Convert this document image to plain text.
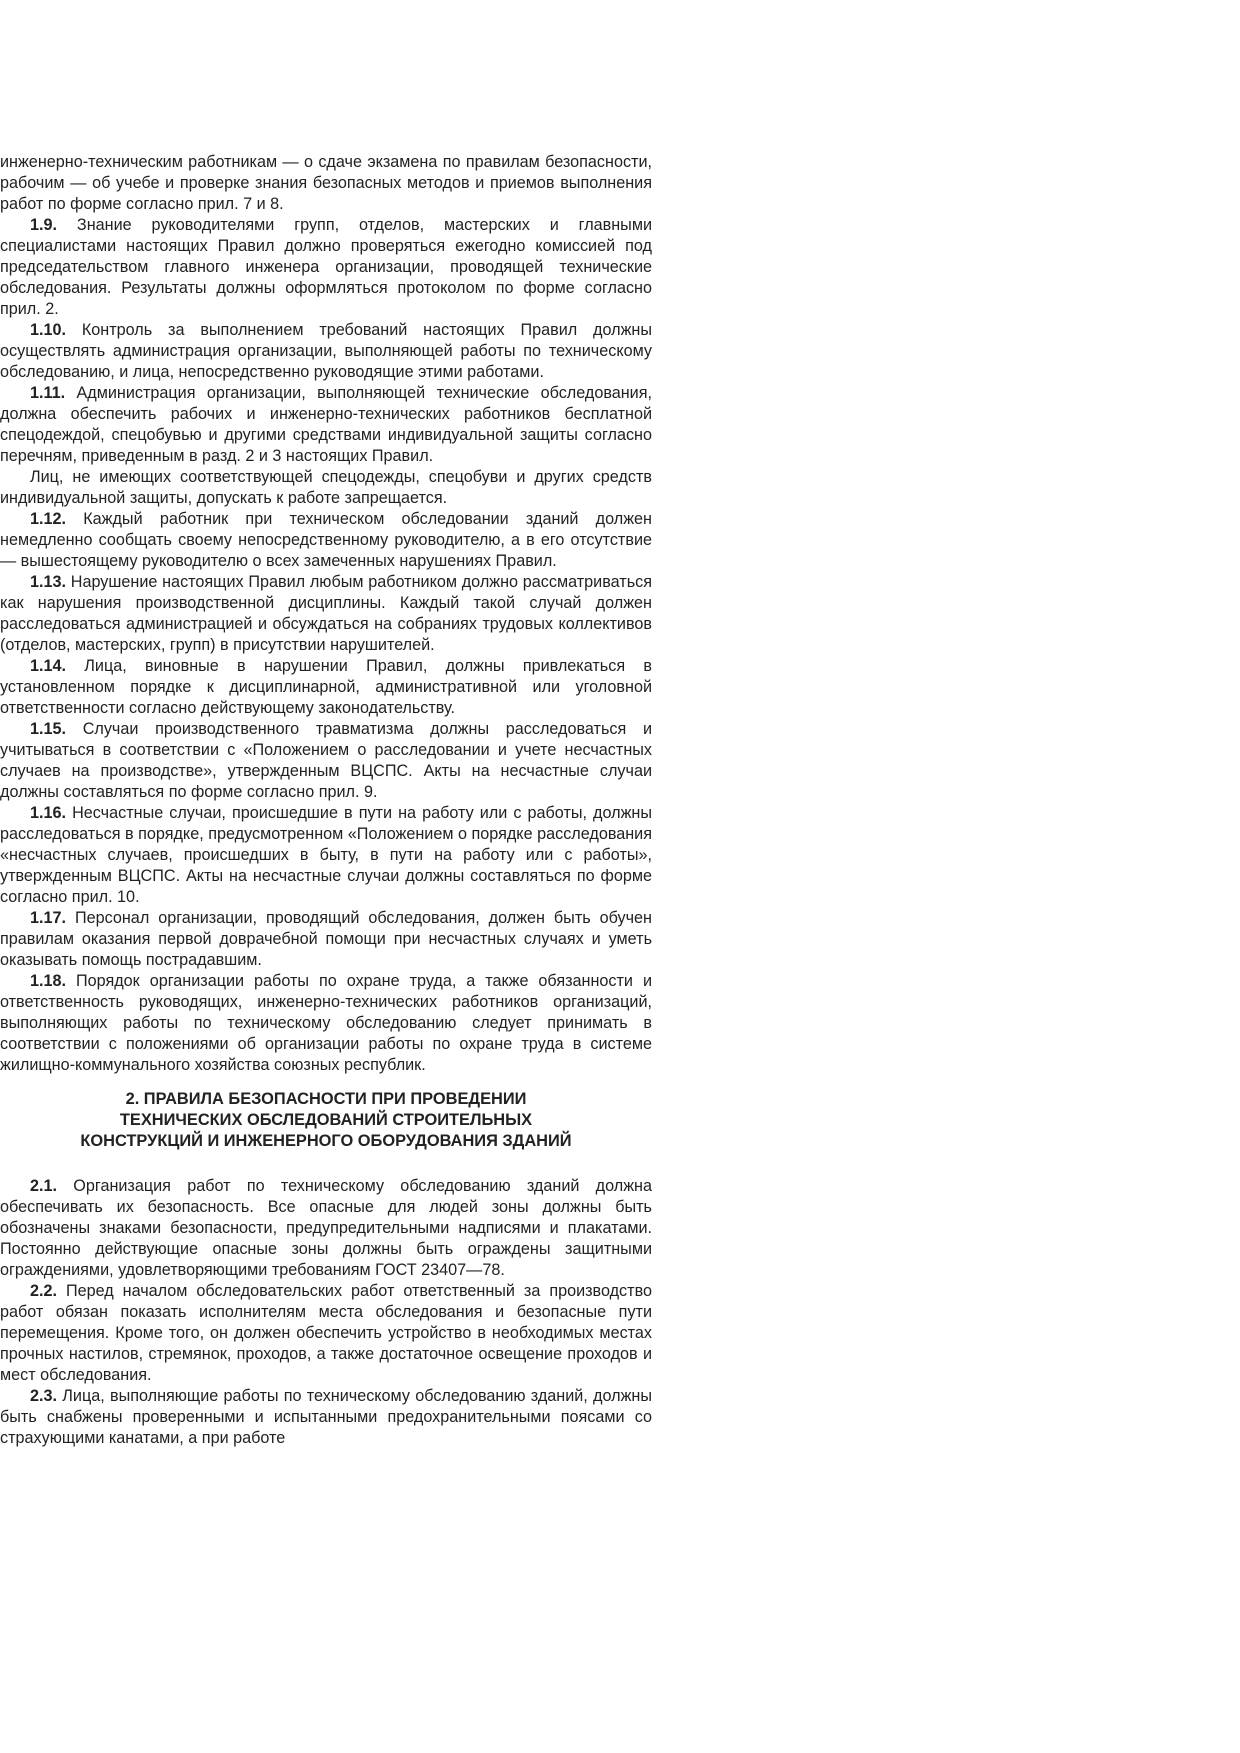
инженерно-техническим работникам — о сдаче экзамена по правилам безопасности, рабочим — об учебе и проверке знания безопасных методов и приемов выполнения работ по форме согласно прил. 7 и 8.

1.9. Знание руководителями групп, отделов, мастерских и главными специалистами настоящих Правил должно проверяться ежегодно комиссией под председательством главного инженера организации, проводящей технические обследования. Результаты должны оформляться протоколом по форме согласно прил. 2.

1.10. Контроль за выполнением требований настоящих Правил должны осуществлять администрация организации, выполняющей работы по техническому обследованию, и лица, непосредственно руководящие этими работами.

1.11. Администрация организации, выполняющей технические обследования, должна обеспечить рабочих и инженерно-технических работников бесплатной спецодеждой, спецобувью и другими средствами индивидуальной защиты согласно перечням, приведенным в разд. 2 и 3 настоящих Правил.

Лиц, не имеющих соответствующей спецодежды, спецобуви и других средств индивидуальной защиты, допускать к работе запрещается.

1.12. Каждый работник при техническом обследовании зданий должен немедленно сообщать своему непосредственному руководителю, а в его отсутствие — вышестоящему руководителю о всех замеченных нарушениях Правил.

1.13. Нарушение настоящих Правил любым работником должно рассматриваться как нарушения производственной дисциплины. Каждый такой случай должен расследоваться администрацией и обсуждаться на собраниях трудовых коллективов (отделов, мастерских, групп) в присутствии нарушителей.

1.14. Лица, виновные в нарушении Правил, должны привлекаться в установленном порядке к дисциплинарной, административной или уголовной ответственности согласно действующему законодательству.

1.15. Случаи производственного травматизма должны расследоваться и учитываться в соответствии с «Положением о расследовании и учете несчастных случаев на производстве», утвержденным ВЦСПС. Акты на несчастные случаи должны составляться по форме согласно прил. 9.

1.16. Несчастные случаи, происшедшие в пути на работу или с работы, должны расследоваться в порядке, предусмотренном «Положением о порядке расследования «несчастных случаев, происшедших в быту, в пути на работу или с работы», утвержденным ВЦСПС. Акты на несчастные случаи должны составляться по форме согласно прил. 10.

1.17. Персонал организации, проводящий обследования, должен быть обучен правилам оказания первой доврачебной помощи при несчастных случаях и уметь оказывать помощь пострадавшим.

1.18. Порядок организации работы по охране труда, а также обязанности и ответственность руководящих, инженерно-технических работников организаций, выполняющих работы по техническому обследованию следует принимать в соответствии с положениями об организации работы по охране труда в системе жилищно-коммунального хозяйства союзных республик.

2. ПРАВИЛА БЕЗОПАСНОСТИ ПРИ ПРОВЕДЕНИИ
ТЕХНИЧЕСКИХ ОБСЛЕДОВАНИЙ СТРОИТЕЛЬНЫХ
КОНСТРУКЦИЙ И ИНЖЕНЕРНОГО ОБОРУДОВАНИЯ ЗДАНИЙ

2.1. Организация работ по техническому обследованию зданий должна обеспечивать их безопасность. Все опасные для людей зоны должны быть обозначены знаками безопасности, предупредительными надписями и плакатами. Постоянно действующие опасные зоны должны быть ограждены защитными ограждениями, удовлетворяющими требованиям ГОСТ 23407—78.

2.2. Перед началом обследовательских работ ответственный за производство работ обязан показать исполнителям места обследования и безопасные пути перемещения. Кроме того, он должен обеспечить устройство в необходимых местах прочных настилов, стремянок, проходов, а также достаточное освещение проходов и мест обследования.

2.3. Лица, выполняющие работы по техническому обследованию зданий, должны быть снабжены проверенными и испытанными предохранительными поясами со страхующими канатами, а при работе
